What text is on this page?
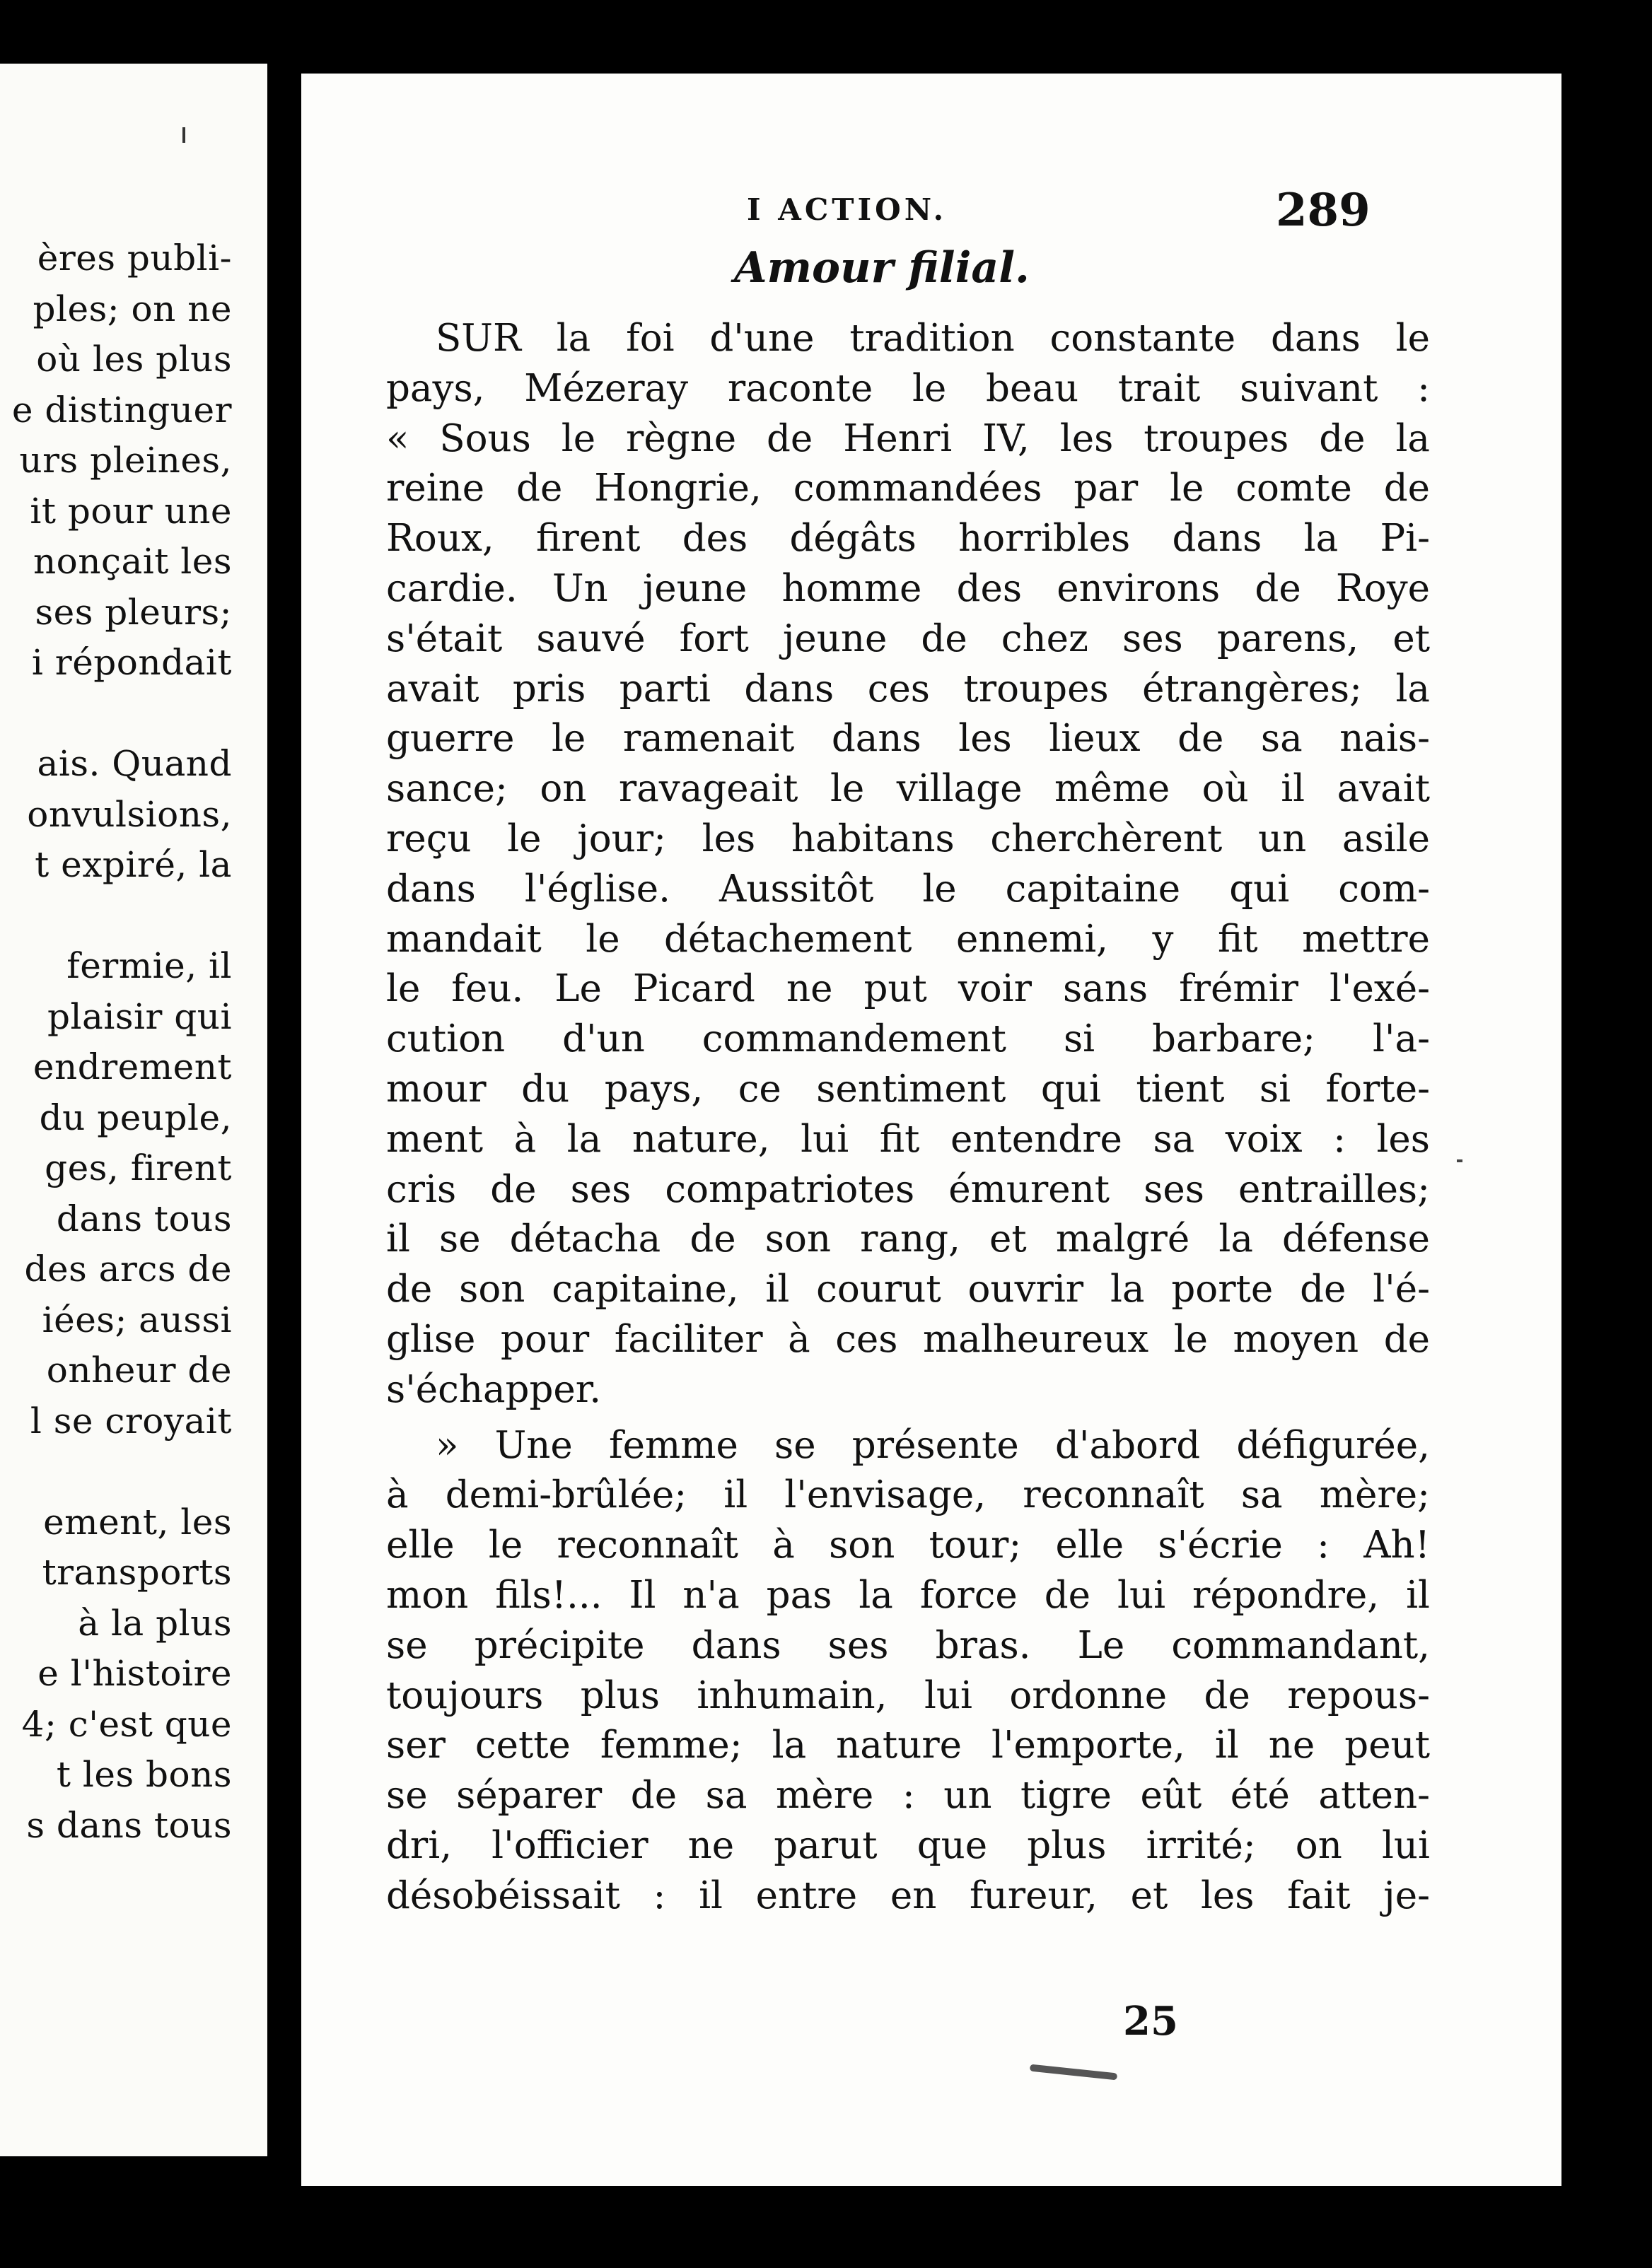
ères publi-
ples; on ne
où les plus
e distinguer
urs pleines,
it pour une
nonçait les
ses pleurs;
i répondait
ais. Quand
onvulsions,
t expiré, la
fermie, il
plaisir qui
endrement
du peuple,
ges, firent
dans tous
des arcs de
iées; aussi
onheur de
l se croyait
ement, les
transports
à la plus
e l'histoire
4; c'est que
t les bons
s dans tous
I ACTION.	289
Amour filial.
SUR la foi d'une tradition constante dans le
pays, Mézeray raconte le beau trait suivant :
« Sous le règne de Henri IV, les troupes de la
reine de Hongrie, commandées par le comte de
Roux, firent des dégâts horribles dans la Pi-
cardie. Un jeune homme des environs de Roye
s'était sauvé fort jeune de chez ses parens, et
avait pris parti dans ces troupes étrangères; la
guerre le ramenait dans les lieux de sa nais-
sance; on ravageait le village même où il avait
reçu le jour; les habitans cherchèrent un asile
dans l'église. Aussitôt le capitaine qui com-
mandait le détachement ennemi, y fit mettre
le feu. Le Picard ne put voir sans frémir l'exé-
cution d'un commandement si barbare; l'a-
mour du pays, ce sentiment qui tient si forte-
ment à la nature, lui fit entendre sa voix : les
cris de ses compatriotes émurent ses entrailles;
il se détacha de son rang, et malgré la défense
de son capitaine, il courut ouvrir la porte de l'é-
glise pour faciliter à ces malheureux le moyen de
s'échapper.
» Une femme se présente d'abord défigurée,
à demi-brûlée; il l'envisage, reconnaît sa mère;
elle le reconnaît à son tour; elle s'écrie : Ah!
mon fils!... Il n'a pas la force de lui répondre, il
se précipite dans ses bras. Le commandant,
toujours plus inhumain, lui ordonne de repous-
ser cette femme; la nature l'emporte, il ne peut
se séparer de sa mère : un tigre eût été atten-
dri, l'officier ne parut que plus irrité; on lui
désobéissait : il entre en fureur, et les fait je-
25
